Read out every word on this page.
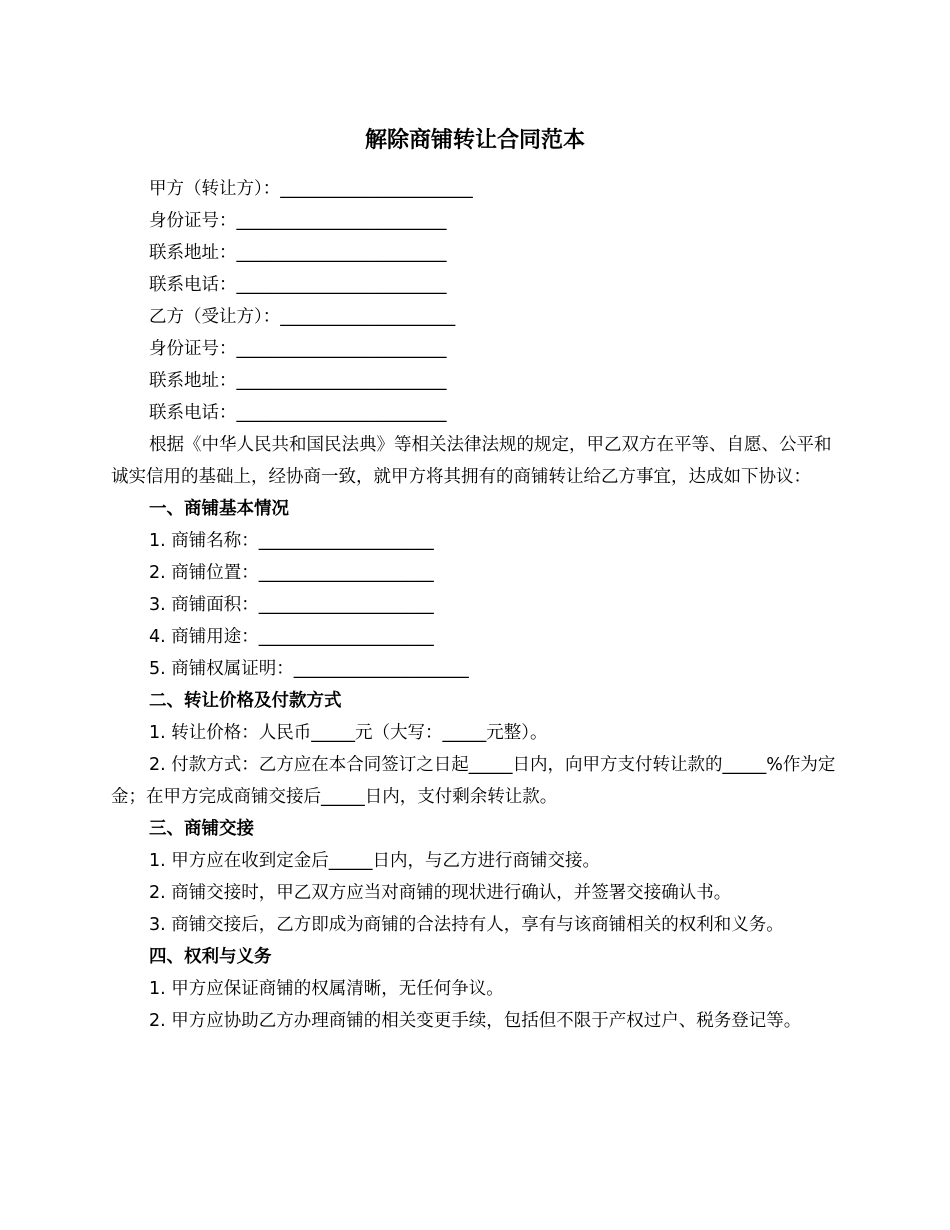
解除商铺转让合同范本
甲方（转让方）：______________________
身份证号：________________________
联系地址：________________________
联系电话：________________________
乙方（受让方）：____________________
身份证号：________________________
联系地址：________________________
联系电话：________________________
根据《中华人民共和国民法典》等相关法律法规的规定，甲乙双方在平等、自愿、公平和诚实信用的基础上，经协商一致，就甲方将其拥有的商铺转让给乙方事宜，达成如下协议：
一、商铺基本情况
1. 商铺名称：____________________
2. 商铺位置：____________________
3. 商铺面积：____________________
4. 商铺用途：____________________
5. 商铺权属证明：____________________
二、转让价格及付款方式
1. 转让价格：人民币_____元（大写：_____元整）。
2. 付款方式：乙方应在本合同签订之日起_____日内，向甲方支付转让款的_____%作为定金；在甲方完成商铺交接后_____日内，支付剩余转让款。
三、商铺交接
1. 甲方应在收到定金后_____日内，与乙方进行商铺交接。
2. 商铺交接时，甲乙双方应当对商铺的现状进行确认，并签署交接确认书。
3. 商铺交接后，乙方即成为商铺的合法持有人，享有与该商铺相关的权利和义务。
四、权利与义务
1. 甲方应保证商铺的权属清晰，无任何争议。
2. 甲方应协助乙方办理商铺的相关变更手续，包括但不限于产权过户、税务登记等。
